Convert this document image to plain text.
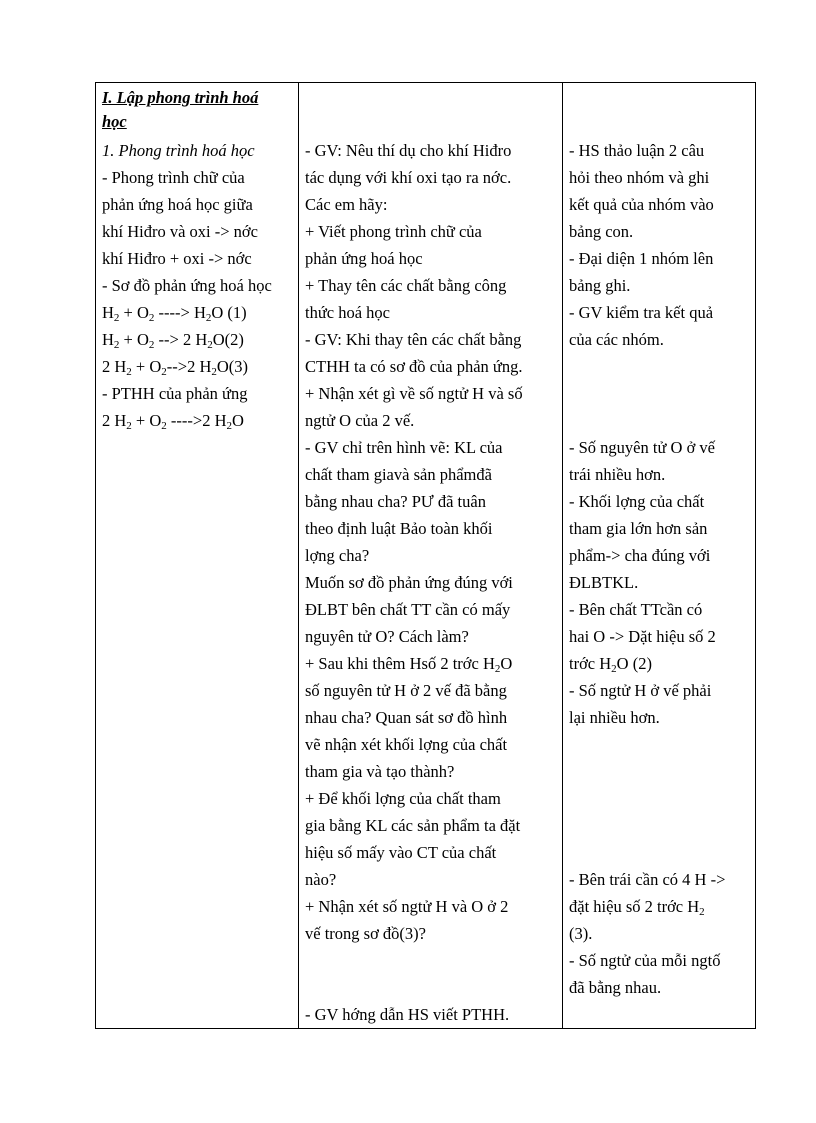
I. Lập phong trình hoá
học
1. Phong trình hoá học
- Phong trình chữ của
phản ứng hoá học giữa
khí Hiđro và oxi -> nớc
khí Hiđro + oxi -> nớc
- Sơ đồ phản ứng hoá học
$H_2 + O_2$ ----> $H_2O$ (1)
$H_2 + O_2$ --> 2 $H_2O(2)$
2 $H_2 + O_2-->2$ $H_2O(3)$
- PTHH của phản ứng
2 $H_2 + O_2$ ---->2 $H_2O$
- GV: Nêu thí dụ cho khí Hiđro
tác dụng với khí oxi tạo ra nớc.
Các em hãy:
+ Viết phong trình chữ của
phản ứng hoá học
+ Thay tên các chất bằng công
thức hoá học
- GV: Khi thay tên các chất bằng
CTHH ta có sơ đồ của phản ứng.
+ Nhận xét gì về số ngtử H và số
ngtử O của 2 vế.
- GV chỉ trên hình vẽ: KL của
chất tham giavà sản phẩmđã
bằng nhau cha? PƯ đã tuân
theo định luật Bảo toàn khối
lợng cha?
Muốn sơ đồ phản ứng đúng với
ĐLBT bên chất TT cần có mấy
nguyên tử O? Cách làm?
+ Sau khi thêm Hsố 2 trớc $H_2O$
số nguyên tử H ở 2 vế đã bằng
nhau cha? Quan sát sơ đồ hình
vẽ nhận xét khối lợng của chất
tham gia và tạo thành?
+ Để khối lợng của chất tham
gia bằng KL các sản phẩm ta đặt
hiệu số mấy vào CT của chất
nào?
+ Nhận xét số ngtử H và O ở 2
vế trong sơ đồ(3)?
- GV hớng dẫn HS viết PTHH.
- HS thảo luận 2 câu
hỏi theo nhóm và ghi
kết quả của nhóm vào
bảng con.
- Đại diện 1 nhóm lên
bảng ghi.
- GV kiểm tra kết quả
của các nhóm.
- Số nguyên tử O ở vế
trái nhiều hơn.
- Khối lợng của chất
tham gia lớn hơn sản
phẩm-> cha đúng với
ĐLBTKL.
- Bên chất TTcần có
hai O -> Dặt hiệu số 2
trớc $H_2O$ (2)
- Số ngtử H ở vế phải
lại nhiều hơn.
- Bên trái cần có 4 H ->
đặt hiệu số 2 trớc $H_2$
(3).
- Số ngtử của mỗi ngtố
đã bằng nhau.
